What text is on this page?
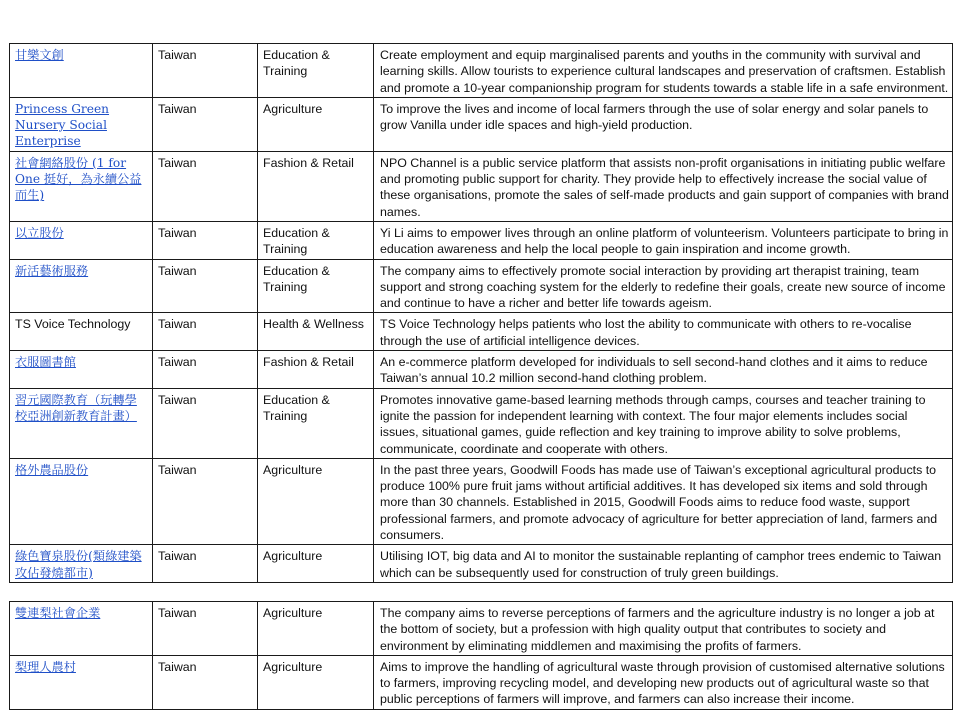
甘樂文創	Taiwan	Education & Training	Create employment and equip marginalised parents and youths in the community with survival and learning skills. Allow tourists to experience cultural landscapes and preservation of craftsmen. Establish and promote a 10-year companionship program for students towards a stable life in a safe environment.
Princess Green Nursery Social Enterprise	Taiwan	Agriculture	To improve the lives and income of local farmers through the use of solar energy and solar panels to grow Vanilla under idle spaces and high-yield production.
社會網絡股份 (1 for One 挺好，為永續公益而生)	Taiwan	Fashion & Retail	NPO Channel is a public service platform that assists non-profit organisations in initiating public welfare and promoting public support for charity. They provide help to effectively increase the social value of these organisations, promote the sales of self-made products and gain support of companies with brand names.
以立股份	Taiwan	Education & Training	Yi Li aims to empower lives through an online platform of volunteerism. Volunteers participate to bring in education awareness and help the local people to gain inspiration and income growth.
新活藝術服務	Taiwan	Education & Training	The company aims to effectively promote social interaction by providing art therapist training, team support and strong coaching system for the elderly to redefine their goals, create new source of income and continue to have a richer and better life towards ageism.
TS Voice Technology	Taiwan	Health & Wellness	TS Voice Technology helps patients who lost the ability to communicate with others to re-vocalise through the use of artificial intelligence devices.
衣服圖書館	Taiwan	Fashion & Retail	An e-commerce platform developed for individuals to sell second-hand clothes and it aims to reduce Taiwan’s annual 10.2 million second-hand clothing problem.
習元國際教育（玩轉學校亞洲創新教育計畫）	Taiwan	Education & Training	Promotes innovative game-based learning methods through camps, courses and teacher training to ignite the passion for independent learning with context. The four major elements includes social issues, situational games, guide reflection and key training to improve ability to solve problems, communicate, coordinate and cooperate with others.
格外農品股份	Taiwan	Agriculture	In the past three years, Goodwill Foods has made use of Taiwan’s exceptional agricultural products to produce 100% pure fruit jams without artificial additives. It has developed six items and sold through more than 30 channels. Established in 2015, Goodwill Foods aims to reduce food waste, support professional farmers, and promote advocacy of agriculture for better appreciation of land, farmers and consumers.
綠色寶泉股份(類綠建築攻佔發燒都市)	Taiwan	Agriculture	Utilising IOT, big data and AI to monitor the sustainable replanting of camphor trees endemic to Taiwan which can be subsequently used for construction of truly green buildings.
雙連梨社會企業	Taiwan	Agriculture	The company aims to reverse perceptions of farmers and the agriculture industry is no longer a job at the bottom of society, but a profession with high quality output that contributes to society and environment by eliminating middlemen and maximising the profits of farmers.
梨理人農村	Taiwan	Agriculture	Aims to improve the handling of agricultural waste through provision of customised alternative solutions to farmers, improving recycling model, and developing new products out of agricultural waste so that public perceptions of farmers will improve, and farmers can also increase their income.
